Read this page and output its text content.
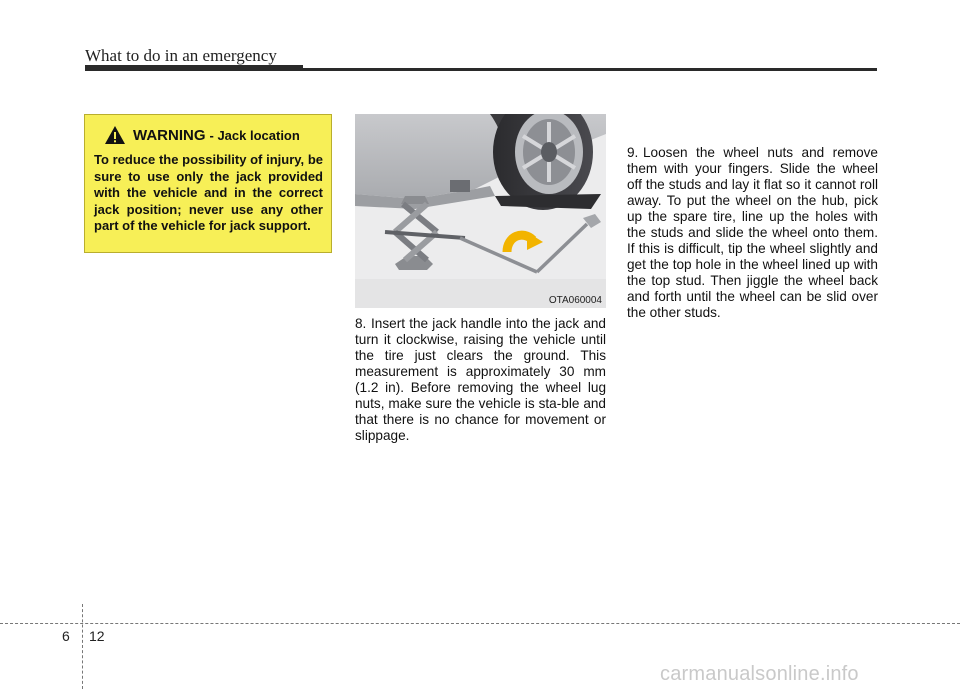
What to do in an emergency
WARNING - Jack location
To reduce the possibility of injury, be sure to use only the jack provided with the vehicle and in the correct jack position; never use any other part of the vehicle for jack support.
OTA060004
8. Insert the jack handle into the jack and turn it clockwise, raising the vehicle until the tire just clears the ground. This measurement is approximately 30 mm (1.2 in). Before removing the wheel lug nuts, make sure the vehicle is sta-ble and that there is no chance for movement or slippage.
9. Loosen the wheel nuts and remove them with your fingers. Slide the wheel off the studs and lay it flat so it cannot roll away. To put the wheel on the hub, pick up the spare tire, line up the holes with the studs and slide the wheel onto them. If this is difficult, tip the wheel slightly and get the top hole in the wheel lined up with the top stud. Then jiggle the wheel back and forth until the wheel can be slid over the other studs.
6 12
carmanualsonline.info
